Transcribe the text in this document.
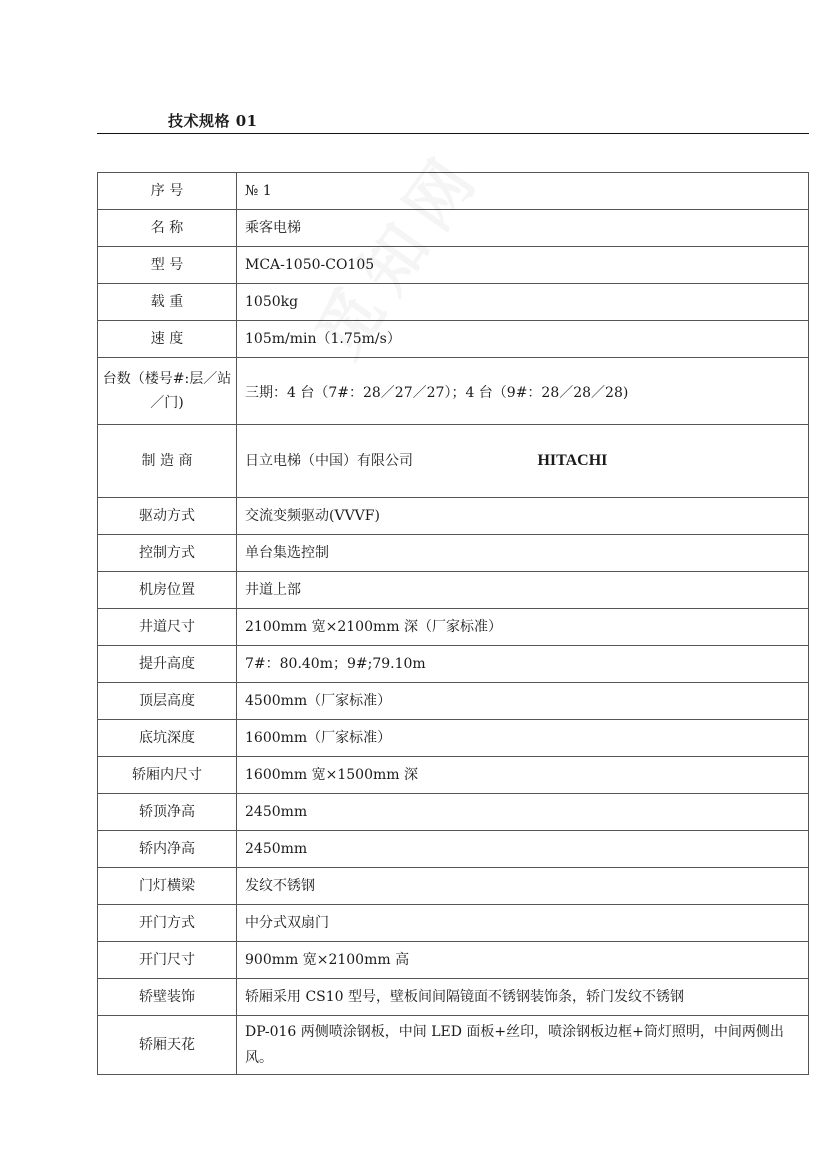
技术规格 01
序 号	№ 1
名 称	乘客电梯
型 号	MCA-1050-CO105
载 重	1050kg
速 度	105m/min（1.75m/s）
台数（楼号#:层／站／门)	三期：4 台（7#：28／27／27）；4 台（9#：28／28／28)
制 造 商	日立电梯（中国）有限公司 HITACHI
驱动方式	交流变频驱动(VVVF)
控制方式	单台集选控制
机房位置	井道上部
井道尺寸	2100mm 宽×2100mm 深（厂家标准）
提升高度	7#：80.40m；9#;79.10m
顶层高度	4500mm（厂家标准）
底坑深度	1600mm（厂家标准）
轿厢内尺寸	1600mm 宽×1500mm 深
轿顶净高	2450mm
轿内净高	2450mm
门灯横梁	发纹不锈钢
开门方式	中分式双扇门
开门尺寸	900mm 宽×2100mm 高
轿壁装饰	轿厢采用 CS10 型号，壁板间间隔镜面不锈钢装饰条，轿门发纹不锈钢
轿厢天花	DP-016 两侧喷涂钢板，中间 LED 面板+丝印，喷涂钢板边框+筒灯照明，中间两侧出风。
